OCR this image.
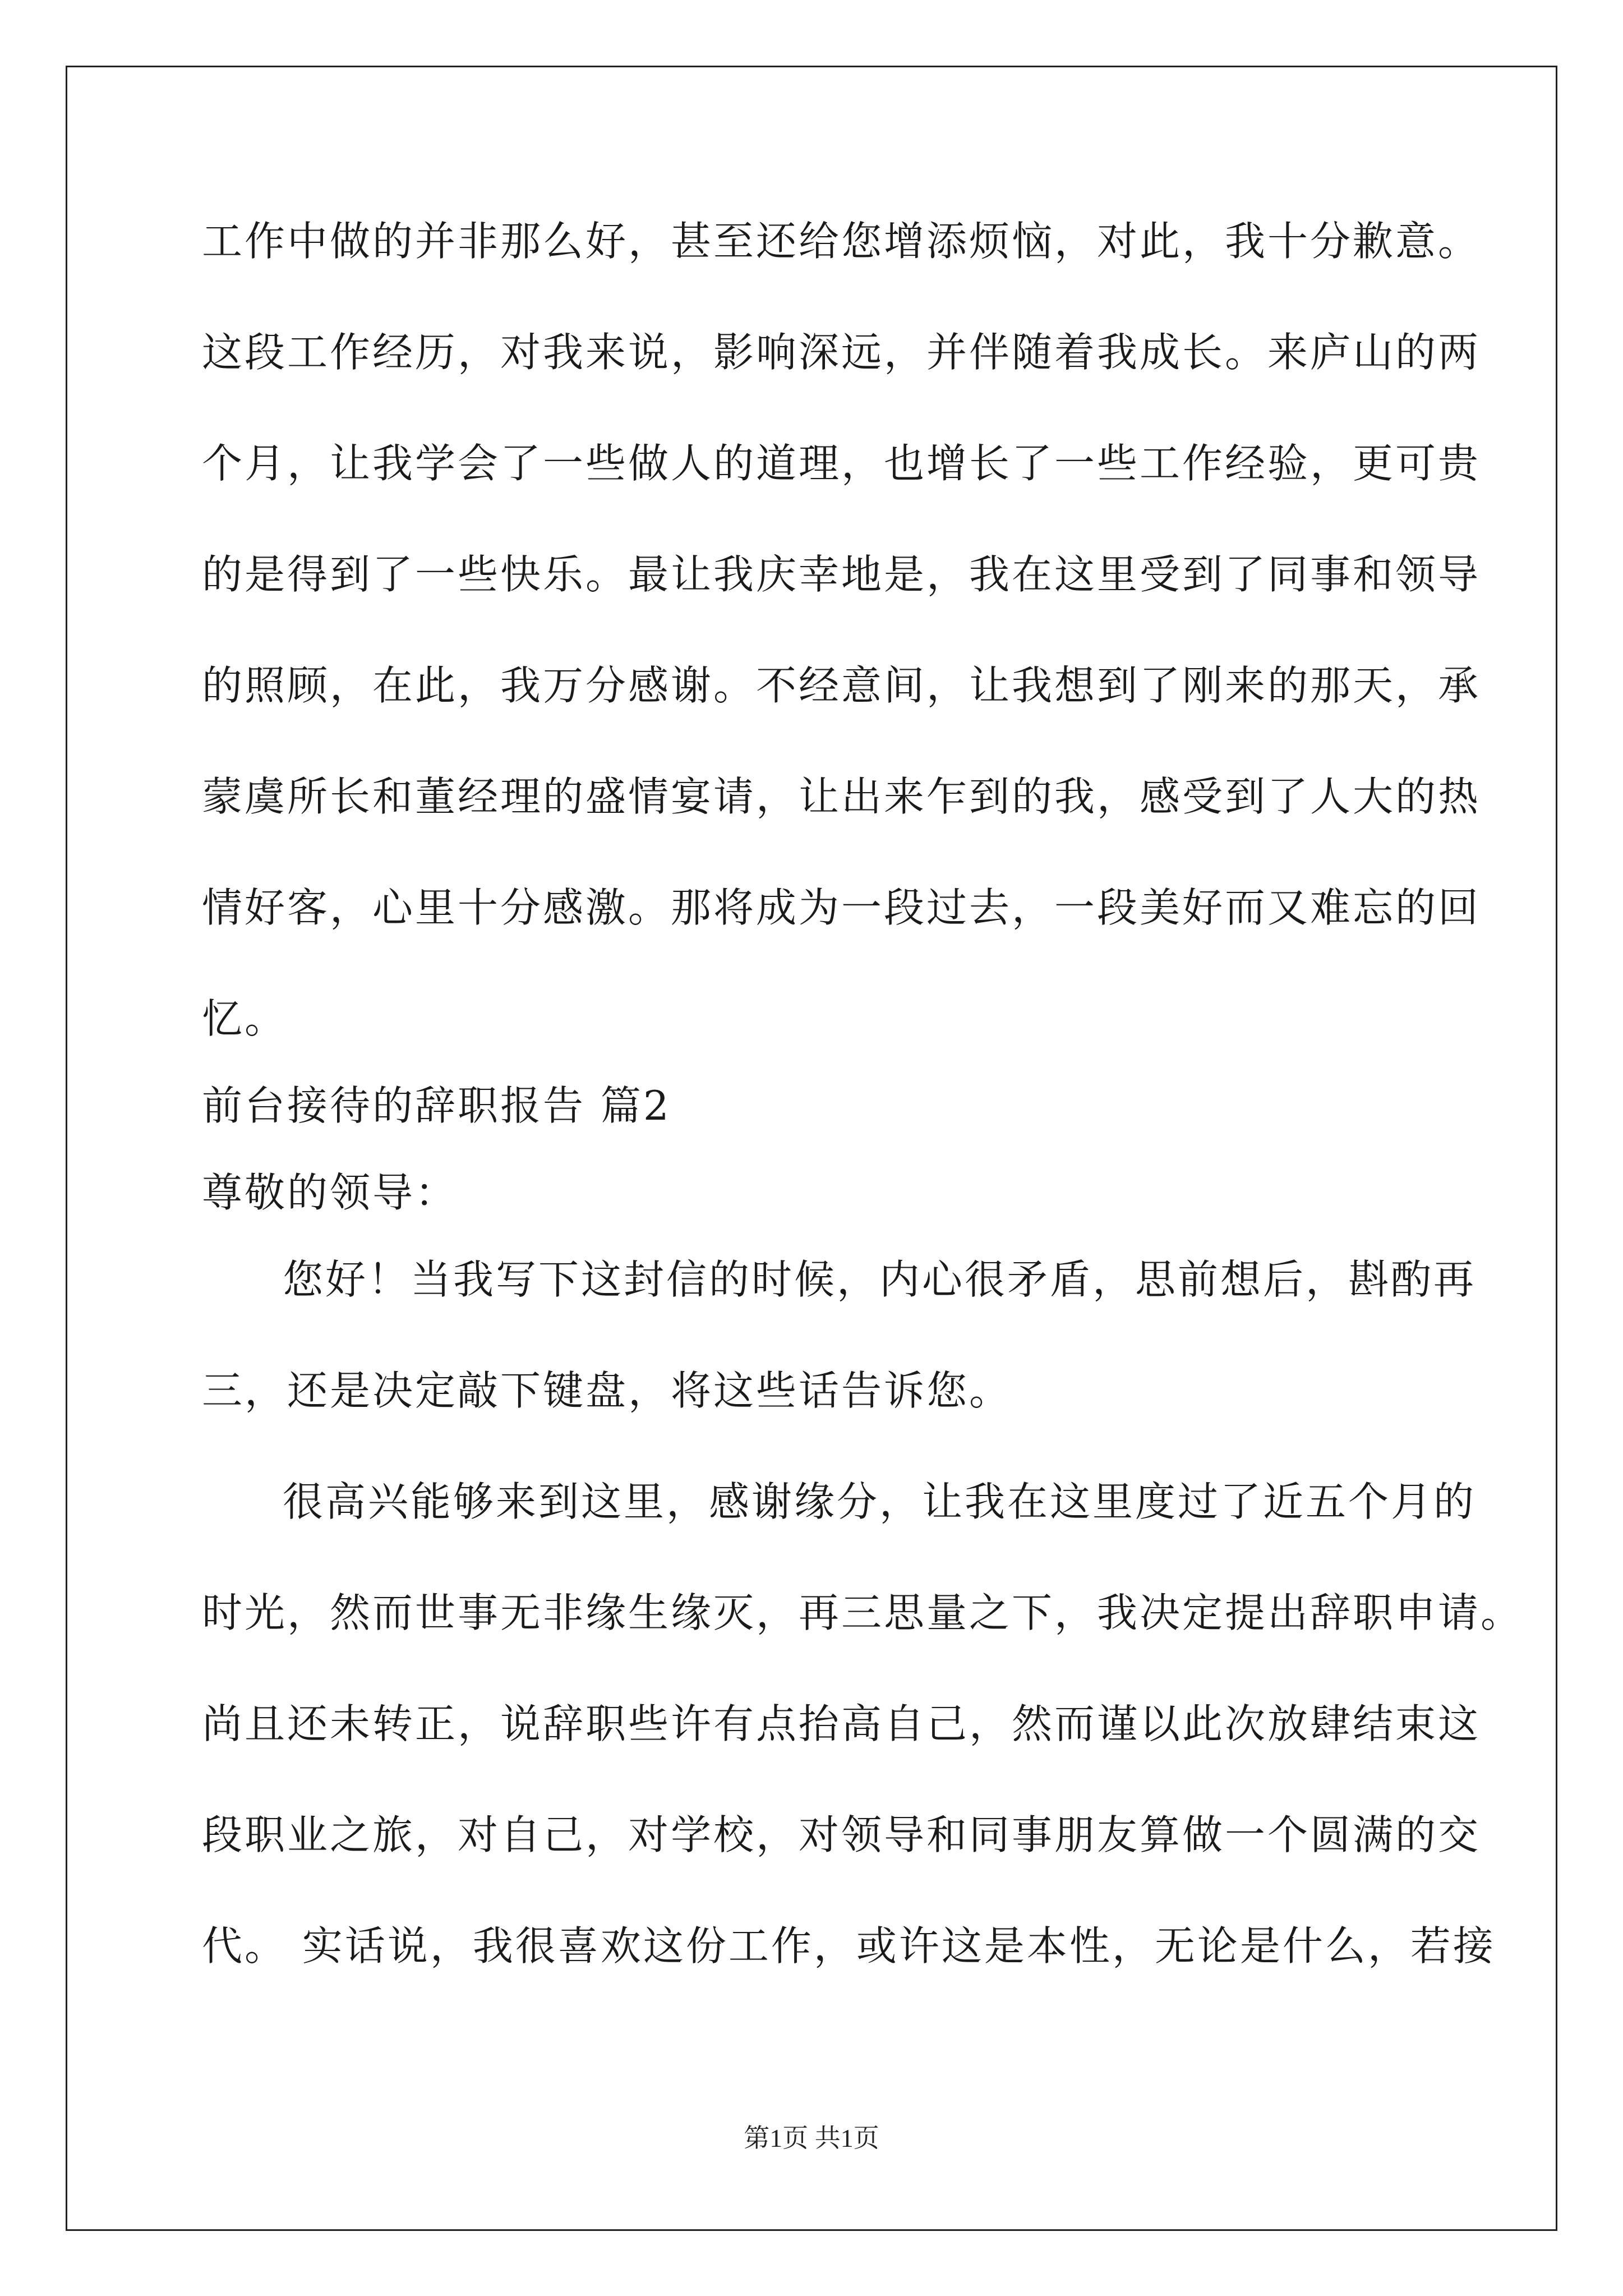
工作中做的并非那么好，甚至还给您增添烦恼，对此，我十分歉意。
这段工作经历，对我来说，影响深远，并伴随着我成长。来庐山的两
个月，让我学会了一些做人的道理，也增长了一些工作经验，更可贵
的是得到了一些快乐。最让我庆幸地是，我在这里受到了同事和领导
的照顾，在此，我万分感谢。不经意间，让我想到了刚来的那天，承
蒙虞所长和董经理的盛情宴请，让出来乍到的我，感受到了人大的热
情好客，心里十分感激。那将成为一段过去，一段美好而又难忘的回
忆。
前台接待的辞职报告 篇2
尊敬的领导：
您好！当我写下这封信的时候，内心很矛盾，思前想后，斟酌再
三，还是决定敲下键盘，将这些话告诉您。
很高兴能够来到这里，感谢缘分，让我在这里度过了近五个月的
时光，然而世事无非缘生缘灭，再三思量之下，我决定提出辞职申请。
尚且还未转正，说辞职些许有点抬高自己，然而谨以此次放肆结束这
段职业之旅，对自己，对学校，对领导和同事朋友算做一个圆满的交
代。 实话说，我很喜欢这份工作，或许这是本性，无论是什么，若接
第1页 共1页
